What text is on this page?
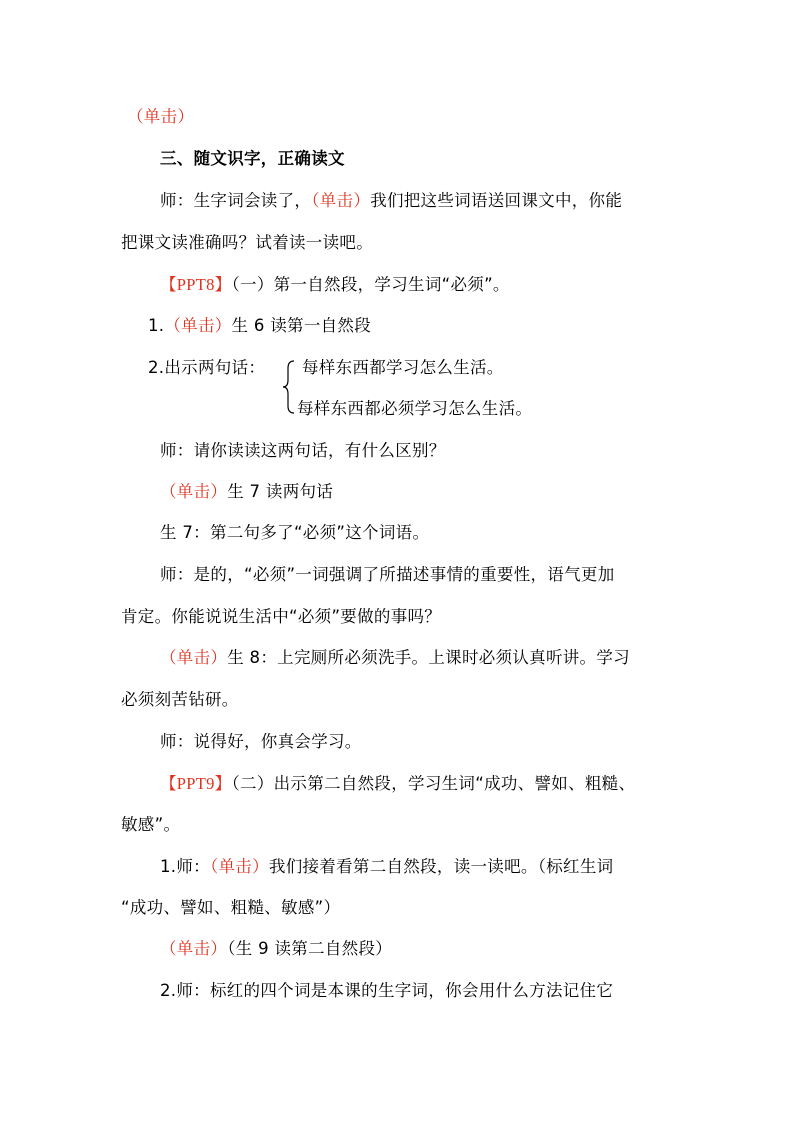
（单击）
三、随文识字，正确读文
师：生字词会读了，（单击）我们把这些词语送回课文中，你能
把课文读准确吗？试着读一读吧。
【PPT8】（一）第一自然段，学习生词“必须”。
1.（单击）生 6 读第一自然段
2.出示两句话： 每样东西都学习怎么生活。
每样东西都必须学习怎么生活。
师：请你读读这两句话，有什么区别？
（单击）生 7 读两句话
生 7：第二句多了“必须”这个词语。
师：是的，“必须”一词强调了所描述事情的重要性，语气更加
肯定。你能说说生活中“必须”要做的事吗？
（单击）生 8：上完厕所必须洗手。上课时必须认真听讲。学习
必须刻苦钻研。
师：说得好，你真会学习。
【PPT9】（二）出示第二自然段，学习生词“成功、譬如、粗糙、
敏感”。
1.师：（单击）我们接着看第二自然段，读一读吧。（标红生词
“成功、譬如、粗糙、敏感”）
（单击）（生 9 读第二自然段）
2.师：标红的四个词是本课的生字词，你会用什么方法记住它
